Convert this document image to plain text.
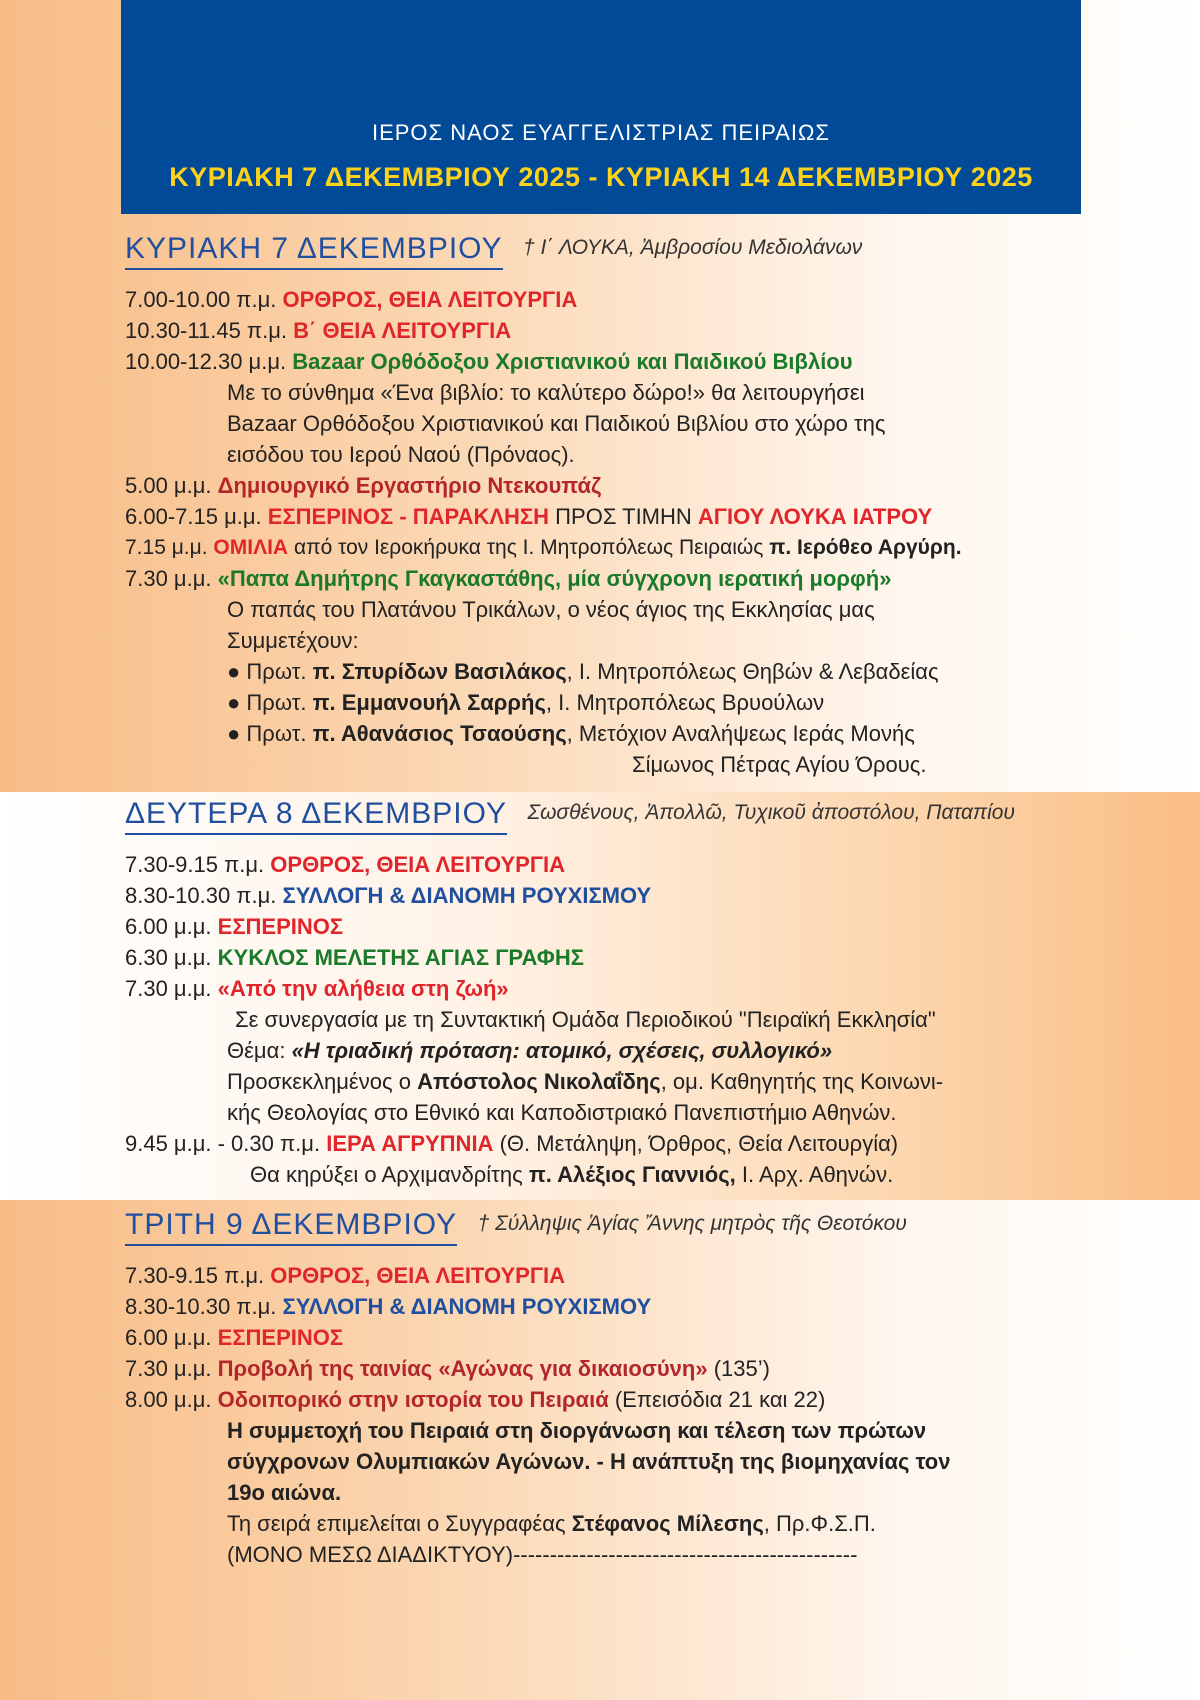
ΙΕΡΟΣ ΝΑΟΣ ΕΥΑΓΓΕΛΙΣΤΡΙΑΣ ΠΕΙΡΑΙΩΣ
ΚΥΡΙΑΚΗ 7 ΔΕΚΕΜΒΡΙΟΥ 2025 - ΚΥΡΙΑΚΗ 14 ΔΕΚΕΜΒΡΙΟΥ 2025
ΚΥΡΙΑΚΗ 7 ΔΕΚΕΜΒΡΙΟΥ † Ι΄ ΛΟΥΚΑ, Ἀμβροσίου Μεδιολάνων
7.00-10.00 π.μ. ΟΡΘΡΟΣ, ΘΕΙΑ ΛΕΙΤΟΥΡΓΙΑ
10.30-11.45 π.μ. Β΄ ΘΕΙΑ ΛΕΙΤΟΥΡΓΙΑ
10.00-12.30 μ.μ. Bazaar Ορθόδοξου Χριστιανικού και Παιδικού Βιβλίου
Με το σύνθημα «Ένα βιβλίο: το καλύτερο δώρο!» θα λειτουργήσει
Bazaar Ορθόδοξου Χριστιανικού και Παιδικού Βιβλίου στο χώρο της
εισόδου του Ιερού Ναού (Πρόναος).
5.00 μ.μ. Δημιουργικό Εργαστήριο Ντεκουπάζ
6.00-7.15 μ.μ. ΕΣΠΕΡΙΝΟΣ - ΠΑΡΑΚΛΗΣΗ ΠΡΟΣ ΤΙΜΗΝ ΑΓΙΟΥ ΛΟΥΚΑ ΙΑΤΡΟΥ
7.15 μ.μ. ΟΜΙΛΙΑ από τον Ιεροκήρυκα της Ι. Μητροπόλεως Πειραιώς π. Ιερόθεο Αργύρη.
7.30 μ.μ. «Παπα Δημήτρης Γκαγκαστάθης, μία σύγχρονη ιερατική μορφή»
Ο παπάς του Πλατάνου Τρικάλων, ο νέος άγιος της Εκκλησίας μας
Συμμετέχουν:
● Πρωτ. π. Σπυρίδων Βασιλάκος, Ι. Μητροπόλεως Θηβών & Λεβαδείας
● Πρωτ. π. Εμμανουήλ Σαρρής, Ι. Μητροπόλεως Βρυούλων
● Πρωτ. π. Αθανάσιος Τσαούσης, Μετόχιον Αναλήψεως Ιεράς Μονής
Σίμωνος Πέτρας Αγίου Όρους.
ΔΕΥΤΕΡΑ 8 ΔΕΚΕΜΒΡΙΟΥ Σωσθένους, Ἀπολλῶ, Τυχικοῦ ἀποστόλου, Παταπίου
7.30-9.15 π.μ. ΟΡΘΡΟΣ, ΘΕΙΑ ΛΕΙΤΟΥΡΓΙΑ
8.30-10.30 π.μ. ΣΥΛΛΟΓΗ & ΔΙΑΝΟΜΗ ΡΟΥΧΙΣΜΟΥ
6.00 μ.μ. ΕΣΠΕΡΙΝΟΣ
6.30 μ.μ. ΚΥΚΛΟΣ ΜΕΛΕΤΗΣ ΑΓΙΑΣ ΓΡΑΦΗΣ
7.30 μ.μ. «Από την αλήθεια στη ζωή»
Σε συνεργασία με τη Συντακτική Ομάδα Περιοδικού "Πειραϊκή Εκκλησία"
Θέμα: «Η τριαδική πρόταση: ατομικό, σχέσεις, συλλογικό»
Προσκεκλημένος ο Απόστολος Νικολαΐδης, ομ. Καθηγητής της Κοινωνι-
κής Θεολογίας στο Εθνικό και Καποδιστριακό Πανεπιστήμιο Αθηνών.
9.45 μ.μ. - 0.30 π.μ. ΙΕΡΑ ΑΓΡΥΠΝΙΑ (Θ. Μετάληψη, Όρθρος, Θεία Λειτουργία)
Θα κηρύξει ο Αρχιμανδρίτης π. Αλέξιος Γιαννιός, Ι. Αρχ. Αθηνών.
ΤΡΙΤΗ 9 ΔΕΚΕΜΒΡΙΟΥ † Σύλληψις Ἁγίας Ἄννης μητρὸς τῆς Θεοτόκου
7.30-9.15 π.μ. ΟΡΘΡΟΣ, ΘΕΙΑ ΛΕΙΤΟΥΡΓΙΑ
8.30-10.30 π.μ. ΣΥΛΛΟΓΗ & ΔΙΑΝΟΜΗ ΡΟΥΧΙΣΜΟΥ
6.00 μ.μ. ΕΣΠΕΡΙΝΟΣ
7.30 μ.μ. Προβολή της ταινίας «Αγώνας για δικαιοσύνη» (135’)
8.00 μ.μ. Οδοιπορικό στην ιστορία του Πειραιά (Επεισόδια 21 και 22)
Η συμμετοχή του Πειραιά στη διοργάνωση και τέλεση των πρώτων
σύγχρονων Ολυμπιακών Αγώνων. - Η ανάπτυξη της βιομηχανίας τον
19ο αιώνα.
Τη σειρά επιμελείται ο Συγγραφέας Στέφανος Μίλεσης, Πρ.Φ.Σ.Π.
(ΜΟΝΟ ΜΕΣΩ ΔΙΑΔΙΚΤΥΟΥ)-----------------------------------------------
